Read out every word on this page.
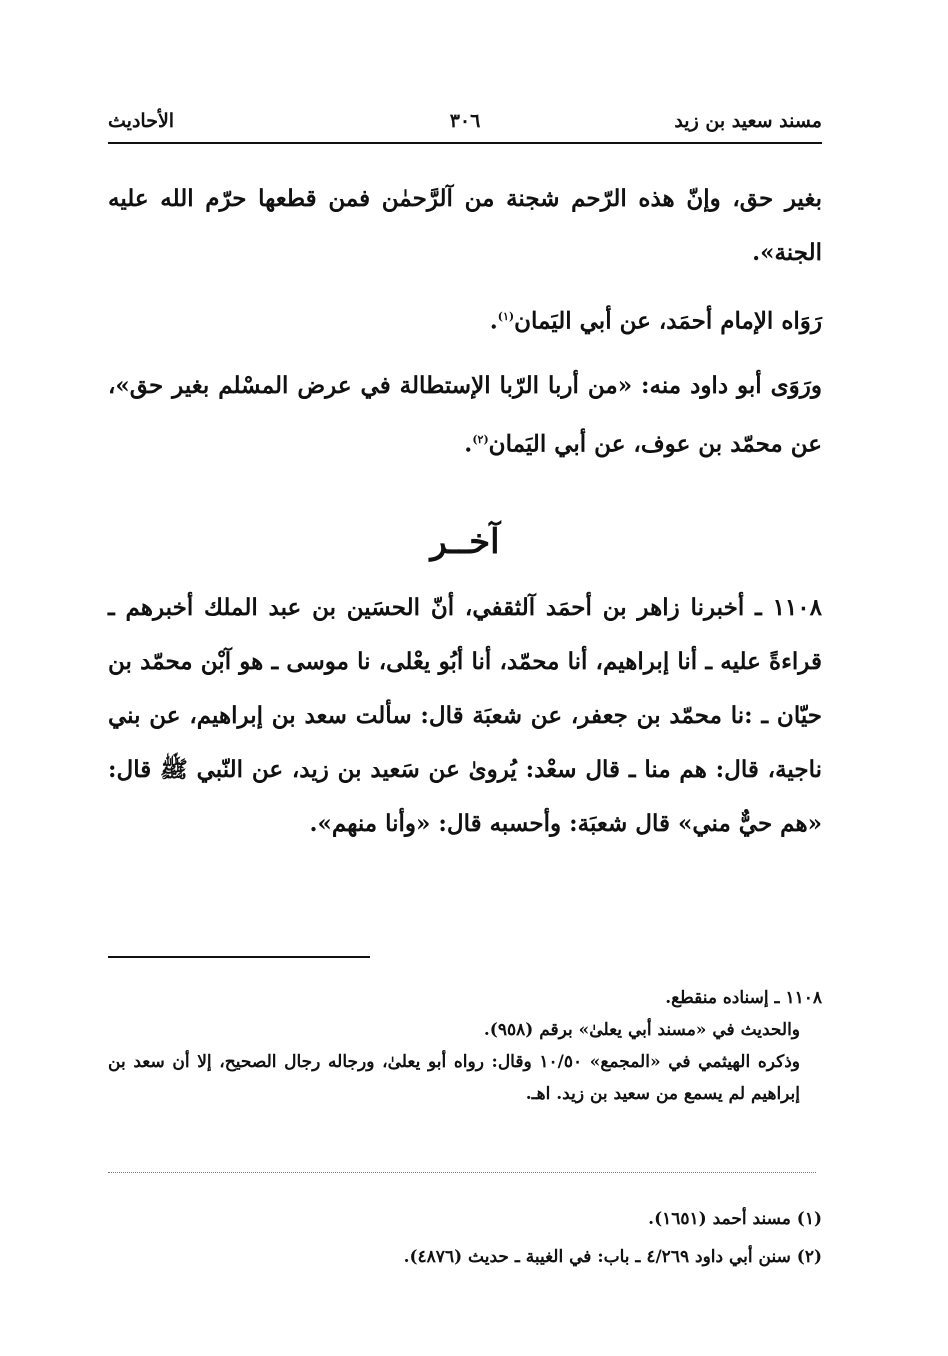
مسند سعيد بن زيد
٣٠٦
الأحاديث

بغير حق، وإنّ هذه الرّحم شجنة من آلرَّحمٰن فمن قطعها حرّم الله عليه الجنة».

رَوَاه الإمام أحمَد، عن أبي اليَمان$^{(١)}$.

ورَوَى أبو داود منه: «من أربا الرّبا الإستطالة في عرض المسْلم بغير حق»، عن محمّد بن عوف، عن أبي اليَمان$^{(٢)}$.

آخــر

١١٠٨ ـ أخبرنا زاهر بن أحمَد آلثقفي، أنّ الحسَين بن عبد الملك أخبرهم ـ قراءةً عليه ـ أنا إبراهيم، أنا محمّد، أنا أبُو يعْلى، نا موسى ـ هو آبْن محمّد بن حيّان ـ :نا محمّد بن جعفر، عن شعبَة قال: سألت سعد بن إبراهيم، عن بني ناجية، قال: هم منا ـ قال سعْد: يُروىٰ عن سَعيد بن زيد، عن النّبي ﷺ قال: «هم حيٌّ مني» قال شعبَة: وأحسبه قال: «وأنا منهم».

١١٠٨ ـ إسناده منقطع.

والحديث في «مسند أبي يعلىٰ» برقم (٩٥٨).

وذكره الهيثمي في «المجمع» ١٠/٥٠ وقال: رواه أبو يعلىٰ، ورجاله رجال الصحيح، إلا أن سعد بن إبراهيم لم يسمع من سعيد بن زيد. اهـ.

(١) مسند أحمد (١٦٥١).

(٢) سنن أبي داود ٤/٢٦٩ ـ باب: في الغيبة ـ حديث (٤٨٧٦).
